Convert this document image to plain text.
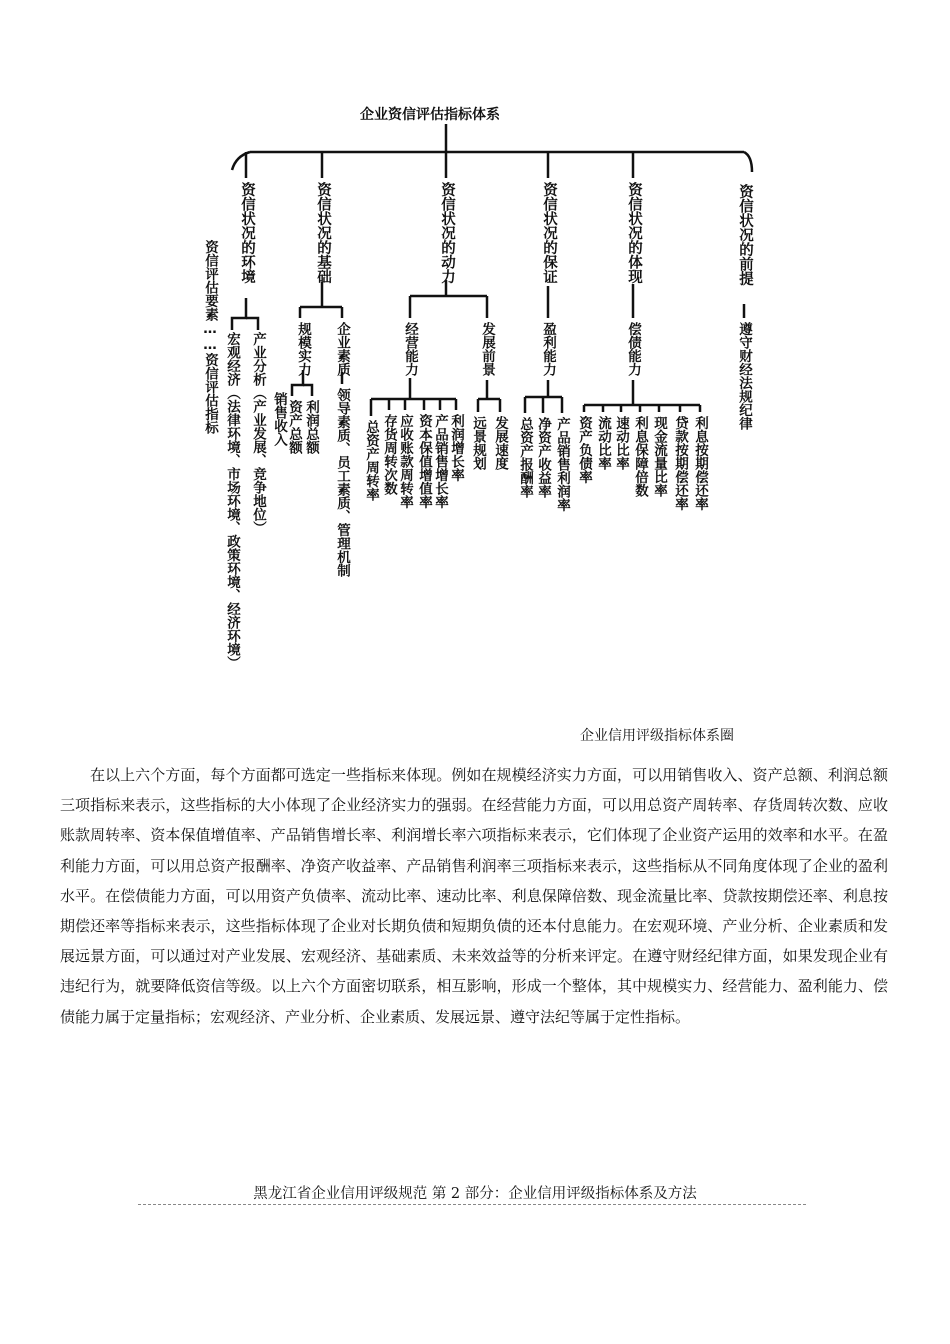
企业资信评估指标体系
资信评估要素……资信评估指标
资信状况的环境
宏观经济（法律环境、市场环境、政策环境、经济环境） 产业分析（产业发展、竞争地位）
资信状况的基础
规模实力 企业素质
销售收入 资产总额 利润总额 领导素质、员工素质、管理机制
资信状况的动力
经营能力	发展前景
总资产周转率 存货周转次数 应收账款周转率 资本保值增值率 产品销售增长率 利润增长率 远景规划 发展速度
资信状况的保证
盈利能力
总资产报酬率 净资产收益率 产品销售利润率
资信状况的体现
偿债能力
资产负债率 流动比率 速动比率 利息保障倍数 现金流量比率 贷款按期偿还率 利息按期偿还率
资信状况的前提
遵守财经法规纪律
企业信用评级指标体系圈

在以上六个方面，每个方面都可选定一些指标来体现。例如在规模经济实力方面，可以用销售收入、资产总额、利润总额三项指标来表示，这些指标的大小体现了企业经济实力的强弱。在经营能力方面，可以用总资产周转率、存货周转次数、应收账款周转率、资本保值增值率、产品销售增长率、利润增长率六项指标来表示，它们体现了企业资产运用的效率和水平。在盈利能力方面，可以用总资产报酬率、净资产收益率、产品销售利润率三项指标来表示，这些指标从不同角度体现了企业的盈利水平。在偿债能力方面，可以用资产负债率、流动比率、速动比率、利息保障倍数、现金流量比率、贷款按期偿还率、利息按期偿还率等指标来表示，这些指标体现了企业对长期负债和短期负债的还本付息能力。在宏观环境、产业分析、企业素质和发展远景方面，可以通过对产业发展、宏观经济、基础素质、未来效益等的分析来评定。在遵守财经纪律方面，如果发现企业有违纪行为，就要降低资信等级。以上六个方面密切联系，相互影响，形成一个整体，其中规模实力、经营能力、盈利能力、偿债能力属于定量指标；宏观经济、产业分析、企业素质、发展远景、遵守法纪等属于定性指标。

黑龙江省企业信用评级规范 第 2 部分：企业信用评级指标体系及方法
